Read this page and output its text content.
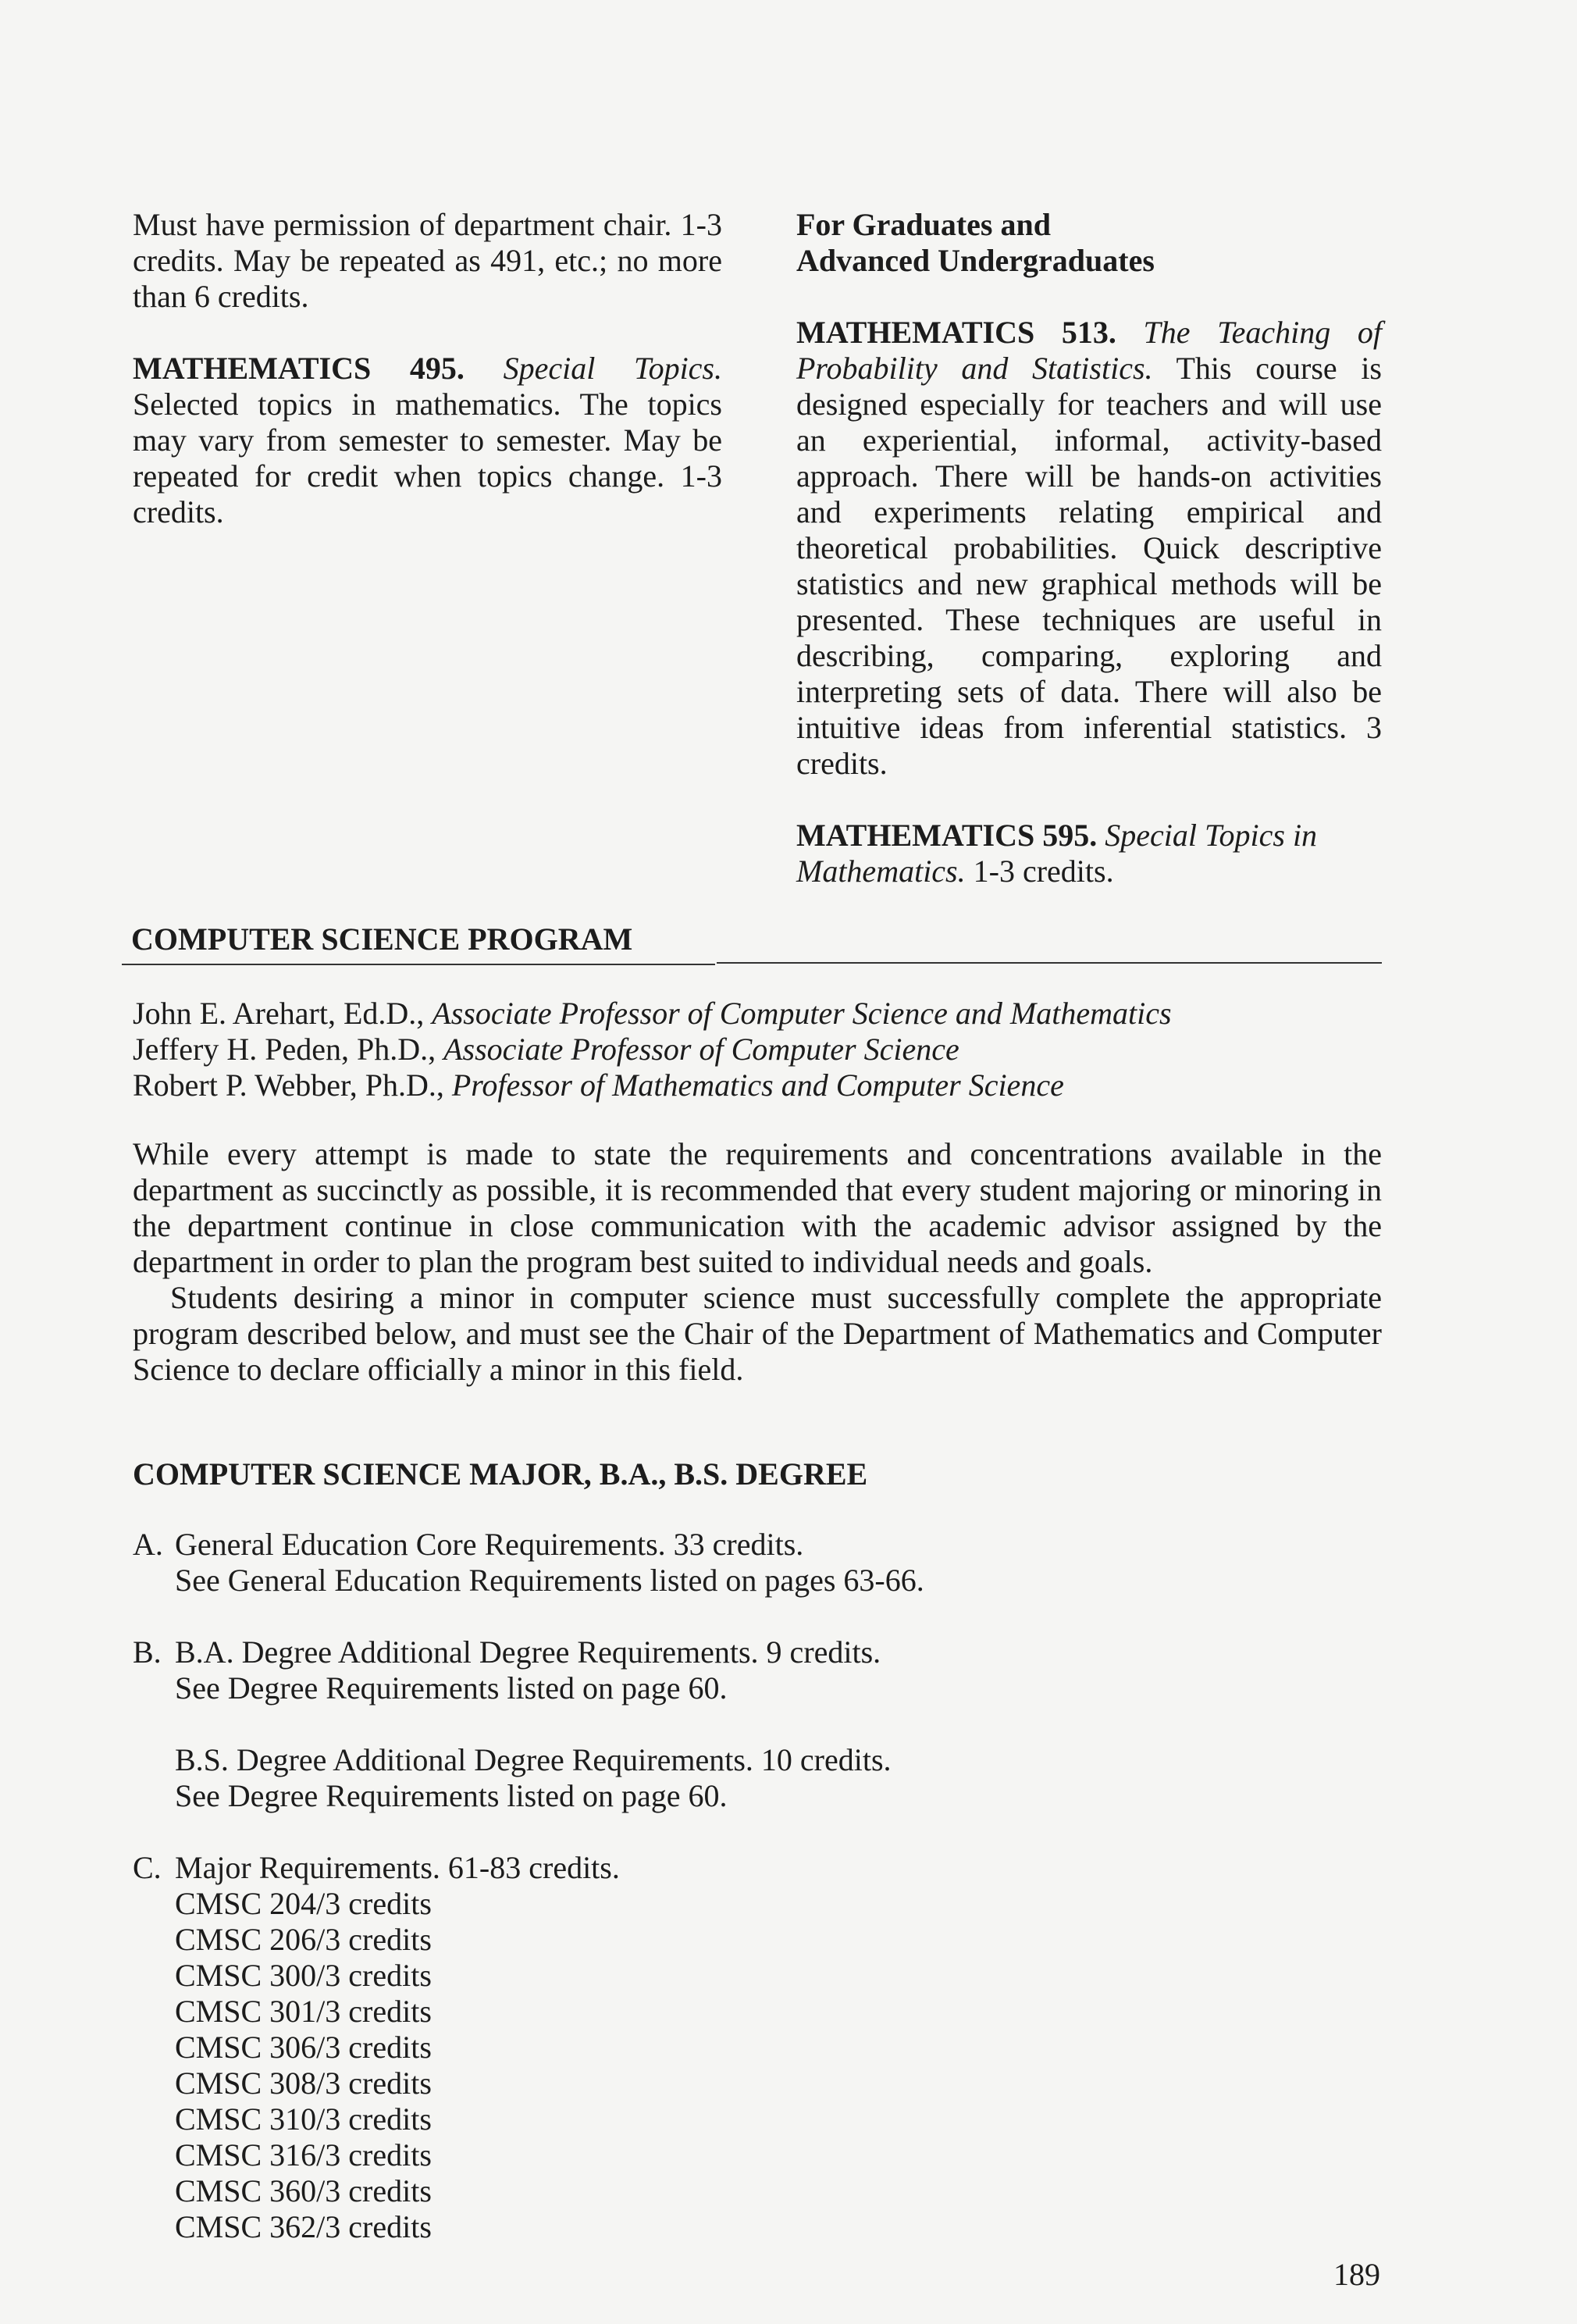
Must have permission of department chair. 1-3 credits. May be repeated as 491, etc.; no more than 6 credits.

MATHEMATICS 495. Special Topics. Selected topics in mathematics. The topics may vary from semester to semester. May be repeated for credit when topics change. 1-3 credits.

For Graduates and
Advanced Undergraduates

MATHEMATICS 513. The Teaching of Probability and Statistics. This course is designed especially for teachers and will use an experiential, informal, activity-based approach. There will be hands-on activities and experiments relating empirical and theoretical probabilities. Quick descriptive statistics and new graphical methods will be presented. These techniques are useful in describing, comparing, exploring and interpreting sets of data. There will also be intuitive ideas from inferential statistics. 3 credits.

MATHEMATICS 595. Special Topics in Mathematics. 1-3 credits.

COMPUTER SCIENCE PROGRAM
John E. Arehart, Ed.D., Associate Professor of Computer Science and Mathematics
Jeffery H. Peden, Ph.D., Associate Professor of Computer Science
Robert P. Webber, Ph.D., Professor of Mathematics and Computer Science

While every attempt is made to state the requirements and concentrations available in the department as succinctly as possible, it is recommended that every student majoring or minoring in the department continue in close communication with the academic advisor assigned by the department in order to plan the program best suited to individual needs and goals.

Students desiring a minor in computer science must successfully complete the appropriate program described below, and must see the Chair of the Department of Mathematics and Computer Science to declare officially a minor in this field.

COMPUTER SCIENCE MAJOR, B.A., B.S. DEGREE
A. General Education Core Requirements. 33 credits.
See General Education Requirements listed on pages 63-66.
B. B.A. Degree Additional Degree Requirements. 9 credits.
See Degree Requirements listed on page 60.
B.S. Degree Additional Degree Requirements. 10 credits.
See Degree Requirements listed on page 60.
C. Major Requirements. 61-83 credits.
CMSC 204/3 credits
CMSC 206/3 credits
CMSC 300/3 credits
CMSC 301/3 credits
CMSC 306/3 credits
CMSC 308/3 credits
CMSC 310/3 credits
CMSC 316/3 credits
CMSC 360/3 credits
CMSC 362/3 credits
189
